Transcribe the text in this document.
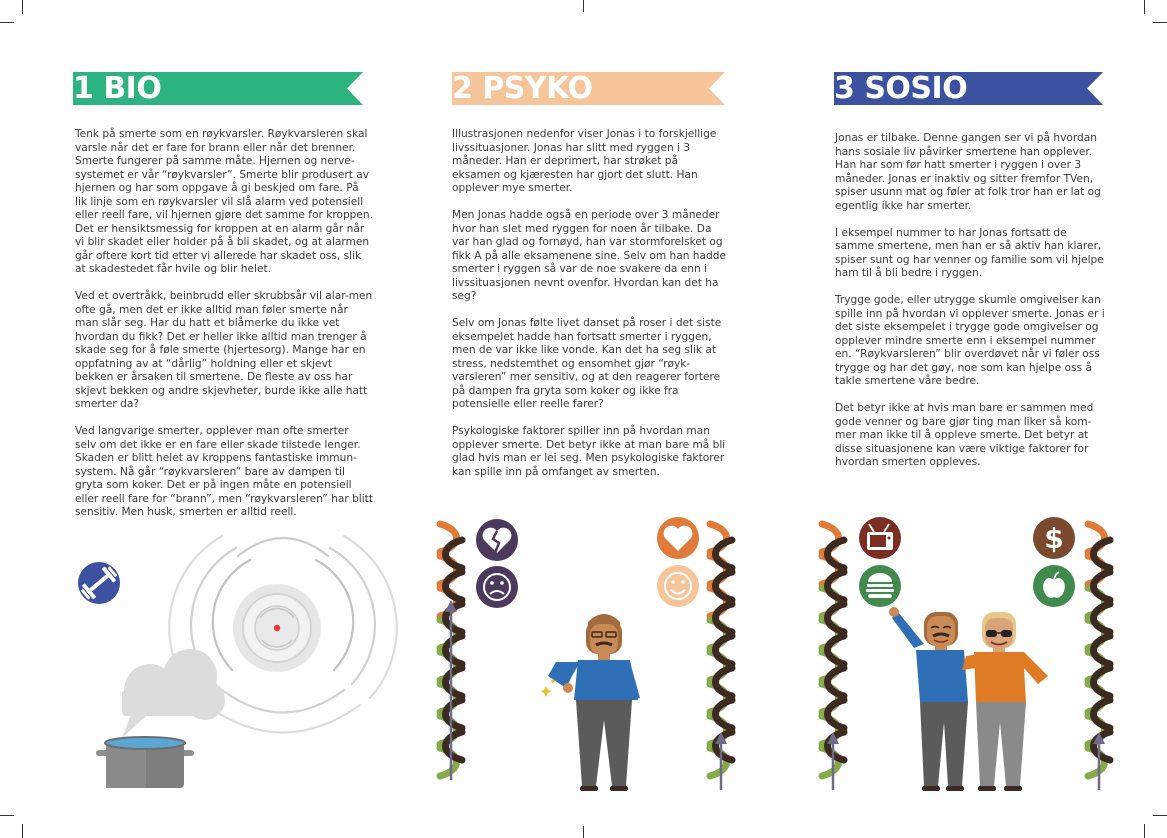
1 BIO	2 PSYKO	3 SOSIO

Tenk på smerte som en røykvarsler. Røykvarsleren skal varsle når det er fare for brann eller når det brenner. Smerte fungerer på samme måte. Hjernen og nerve-systemet er vår “røykvarsler”. Smerte blir produsert av hjernen og har som oppgave å gi beskjed om fare. På lik linje som en røykvarsler vil slå alarm ved potensiell eller reell fare, vil hjernen gjøre det samme for kroppen. Det er hensiktsmessig for kroppen at en alarm går når vi blir skadet eller holder på å bli skadet, og at alarmen går oftere kort tid etter vi allerede har skadet oss, slik at skadestedet får hvile og blir helet.

Ved et overtråkk, beinbrudd eller skrubbsår vil alar-men ofte gå, men det er ikke alltid man føler smerte når man slår seg. Har du hatt et blåmerke du ikke vet hvordan du fikk? Det er heller ikke alltid man trenger å skade seg for å føle smerte (hjertesorg). Mange har en oppfatning av at “dårlig” holdning eller et skjevt bekken er årsaken til smertene. De fleste av oss har skjevt bekken og andre skjevheter, burde ikke alle hatt smerter da?

Ved langvarige smerter, opplever man ofte smerter selv om det ikke er en fare eller skade tilstede lenger. Skaden er blitt helet av kroppens fantastiske immun-system. Nå går “røykvarsleren” bare av dampen til gryta som koker. Det er på ingen måte en potensiell eller reell fare for “brann”, men “røykvarsleren” har blitt sensitiv. Men husk, smerten er alltid reell.

Illustrasjonen nedenfor viser Jonas i to forskjellige livssituasjoner. Jonas har slitt med ryggen i 3 måneder. Han er deprimert, har strøket på eksamen og kjæresten har gjort det slutt. Han opplever mye smerter.

Men Jonas hadde også en periode over 3 måneder hvor han slet med ryggen for noen år tilbake. Da var han glad og fornøyd, han var stormforelsket og fikk A på alle eksamenene sine. Selv om han hadde smerter i ryggen så var de noe svakere da enn i livssituasjonen nevnt ovenfor. Hvordan kan det ha seg?

Selv om Jonas følte livet danset på roser i det siste eksempelet hadde han fortsatt smerter i ryggen, men de var ikke like vonde. Kan det ha seg slik at stress, nedstemthet og ensomhet gjør “røyk-varsleren” mer sensitiv, og at den reagerer fortere på dampen fra gryta som koker og ikke fra potensielle eller reelle farer?

Psykologiske faktorer spiller inn på hvordan man opplever smerte. Det betyr ikke at man bare må bli glad hvis man er lei seg. Men psykologiske faktorer kan spille inn på omfanget av smerten.

Jonas er tilbake. Denne gangen ser vi på hvordan hans sosiale liv påvirker smertene han opplever. Han har som før hatt smerter i ryggen i over 3 måneder. Jonas er inaktiv og sitter fremfor TVen, spiser usunn mat og føler at folk tror han er lat og egentlig ikke har smerter.

I eksempel nummer to har Jonas fortsatt de samme smertene, men han er så aktiv han klarer, spiser sunt og har venner og familie som vil hjelpe ham til å bli bedre i ryggen.

Trygge gode, eller utrygge skumle omgivelser kan spille inn på hvordan vi opplever smerte. Jonas er i det siste eksempelet i trygge gode omgivelser og opplever mindre smerte enn i eksempel nummer en. “Røykvarsleren” blir overdøvet når vi føler oss trygge og har det gøy, noe som kan hjelpe oss å takle smertene våre bedre.

Det betyr ikke at hvis man bare er sammen med gode venner og bare gjør ting man liker så kom-mer man ikke til å oppleve smerte. Det betyr at disse situasjonene kan være viktige faktorer for hvordan smerten oppleves.

$
